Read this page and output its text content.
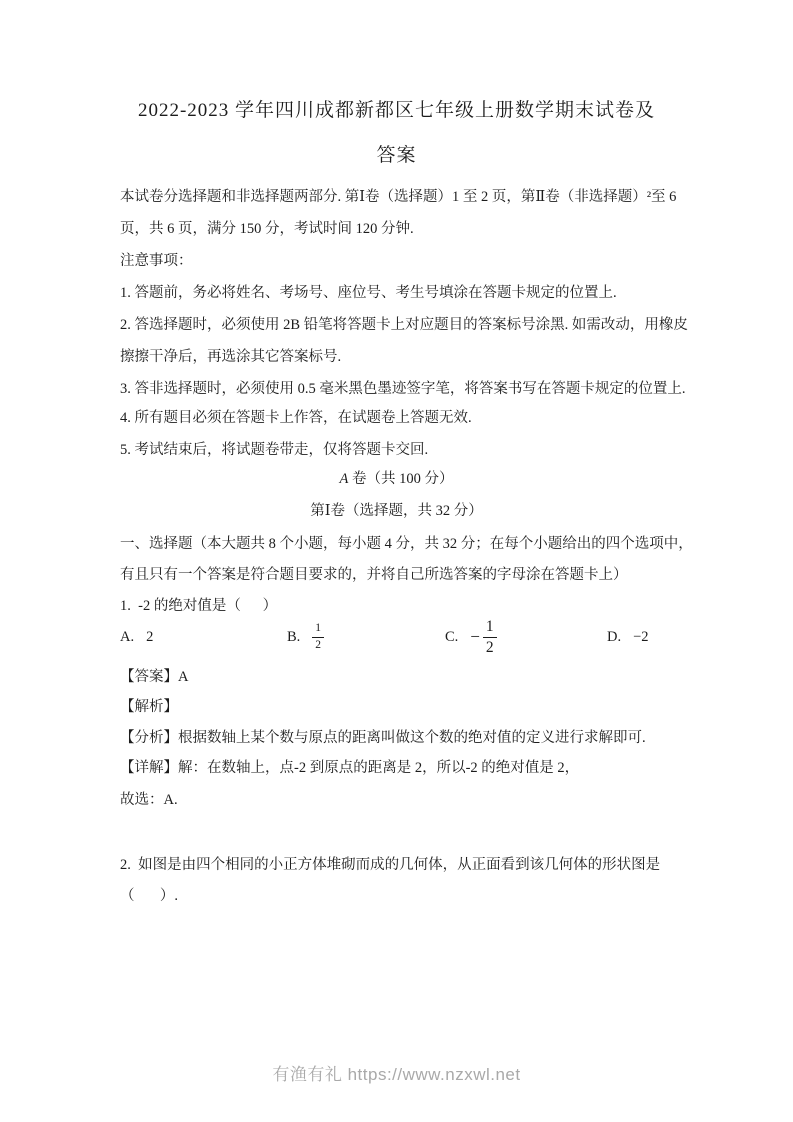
2022-2023 学年四川成都新都区七年级上册数学期末试卷及
答案
本试卷分选择题和非选择题两部分. 第Ⅰ卷（选择题）1 至 2 页，第Ⅱ卷（非选择题）²至 6
页，共 6 页，满分 150 分，考试时间 120 分钟.
注意事项：
1. 答题前，务必将姓名、考场号、座位号、考生号填涂在答题卡规定的位置上.
2. 答选择题时，必须使用 2B 铅笔将答题卡上对应题目的答案标号涂黑. 如需改动，用橡皮
擦擦干净后，再选涂其它答案标号.
3. 答非选择题时，必须使用 0.5 毫米黑色墨迹签字笔，将答案书写在答题卡规定的位置上.
4. 所有题目必须在答题卡上作答，在试题卷上答题无效.
5. 考试结束后，将试题卷带走，仅将答题卡交回.
A 卷（共 100 分）
第Ⅰ卷（选择题，共 32 分）
一、选择题（本大题共 8 个小题，每小题 4 分，共 32 分；在每个小题给出的四个选项中，
有且只有一个答案是符合题目要求的，并将自己所选答案的字母涂在答题卡上）
1.  -2 的绝对值是（      ）
A. 2	B. $\frac{1}{2}$	C. − $\frac{1}{2}$	D. −2
【答案】A
【解析】
【分析】根据数轴上某个数与原点的距离叫做这个数的绝对值的定义进行求解即可.
【详解】解：在数轴上，点-2 到原点的距离是 2，所以-2 的绝对值是 2，
故选：A.
2.  如图是由四个相同的小正方体堆砌而成的几何体，从正面看到该几何体的形状图是
（       ）.
有渔有礼 https://www.nzxwl.net
